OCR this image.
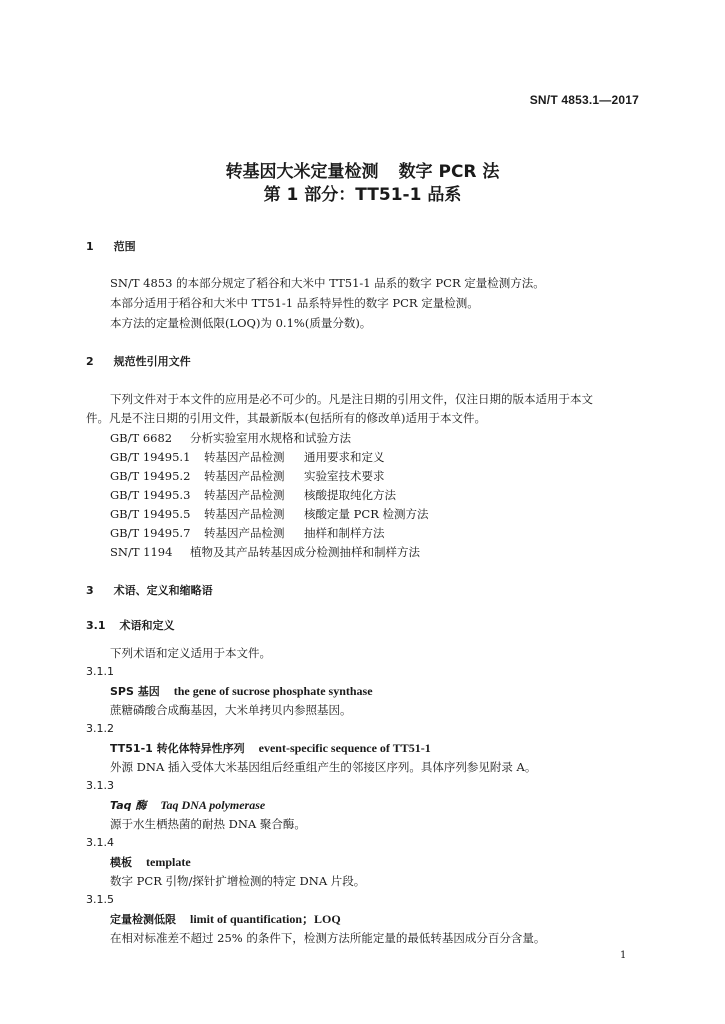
SN/T 4853.1—2017
转基因大米定量检测 数字 PCR 法
第 1 部分：TT51-1 品系
1 范围
SN/T 4853 的本部分规定了稻谷和大米中 TT51-1 品系的数字 PCR 定量检测方法。
本部分适用于稻谷和大米中 TT51-1 品系特异性的数字 PCR 定量检测。
本方法的定量检测低限(LOQ)为 0.1%(质量分数)。
2 规范性引用文件
下列文件对于本文件的应用是必不可少的。凡是注日期的引用文件，仅注日期的版本适用于本文
件。凡是不注日期的引用文件，其最新版本(包括所有的修改单)适用于本文件。
GB/T 6682 分析实验室用水规格和试验方法
GB/T 19495.1 转基因产品检测 通用要求和定义
GB/T 19495.2 转基因产品检测 实验室技术要求
GB/T 19495.3 转基因产品检测 核酸提取纯化方法
GB/T 19495.5 转基因产品检测 核酸定量 PCR 检测方法
GB/T 19495.7 转基因产品检测 抽样和制样方法
SN/T 1194 植物及其产品转基因成分检测抽样和制样方法
3 术语、定义和缩略语
3.1 术语和定义
下列术语和定义适用于本文件。
3.1.1
SPS 基因 the gene of sucrose phosphate synthase
蔗糖磷酸合成酶基因，大米单拷贝内参照基因。
3.1.2
TT51-1 转化体特异性序列 event-specific sequence of TT51-1
外源 DNA 插入受体大米基因组后经重组产生的邻接区序列。具体序列参见附录 A。
3.1.3
Taq 酶 Taq DNA polymerase
源于水生栖热菌的耐热 DNA 聚合酶。
3.1.4
模板 template
数字 PCR 引物/探针扩增检测的特定 DNA 片段。
3.1.5
定量检测低限 limit of quantification；LOQ
在相对标准差不超过 25% 的条件下，检测方法所能定量的最低转基因成分百分含量。
1
